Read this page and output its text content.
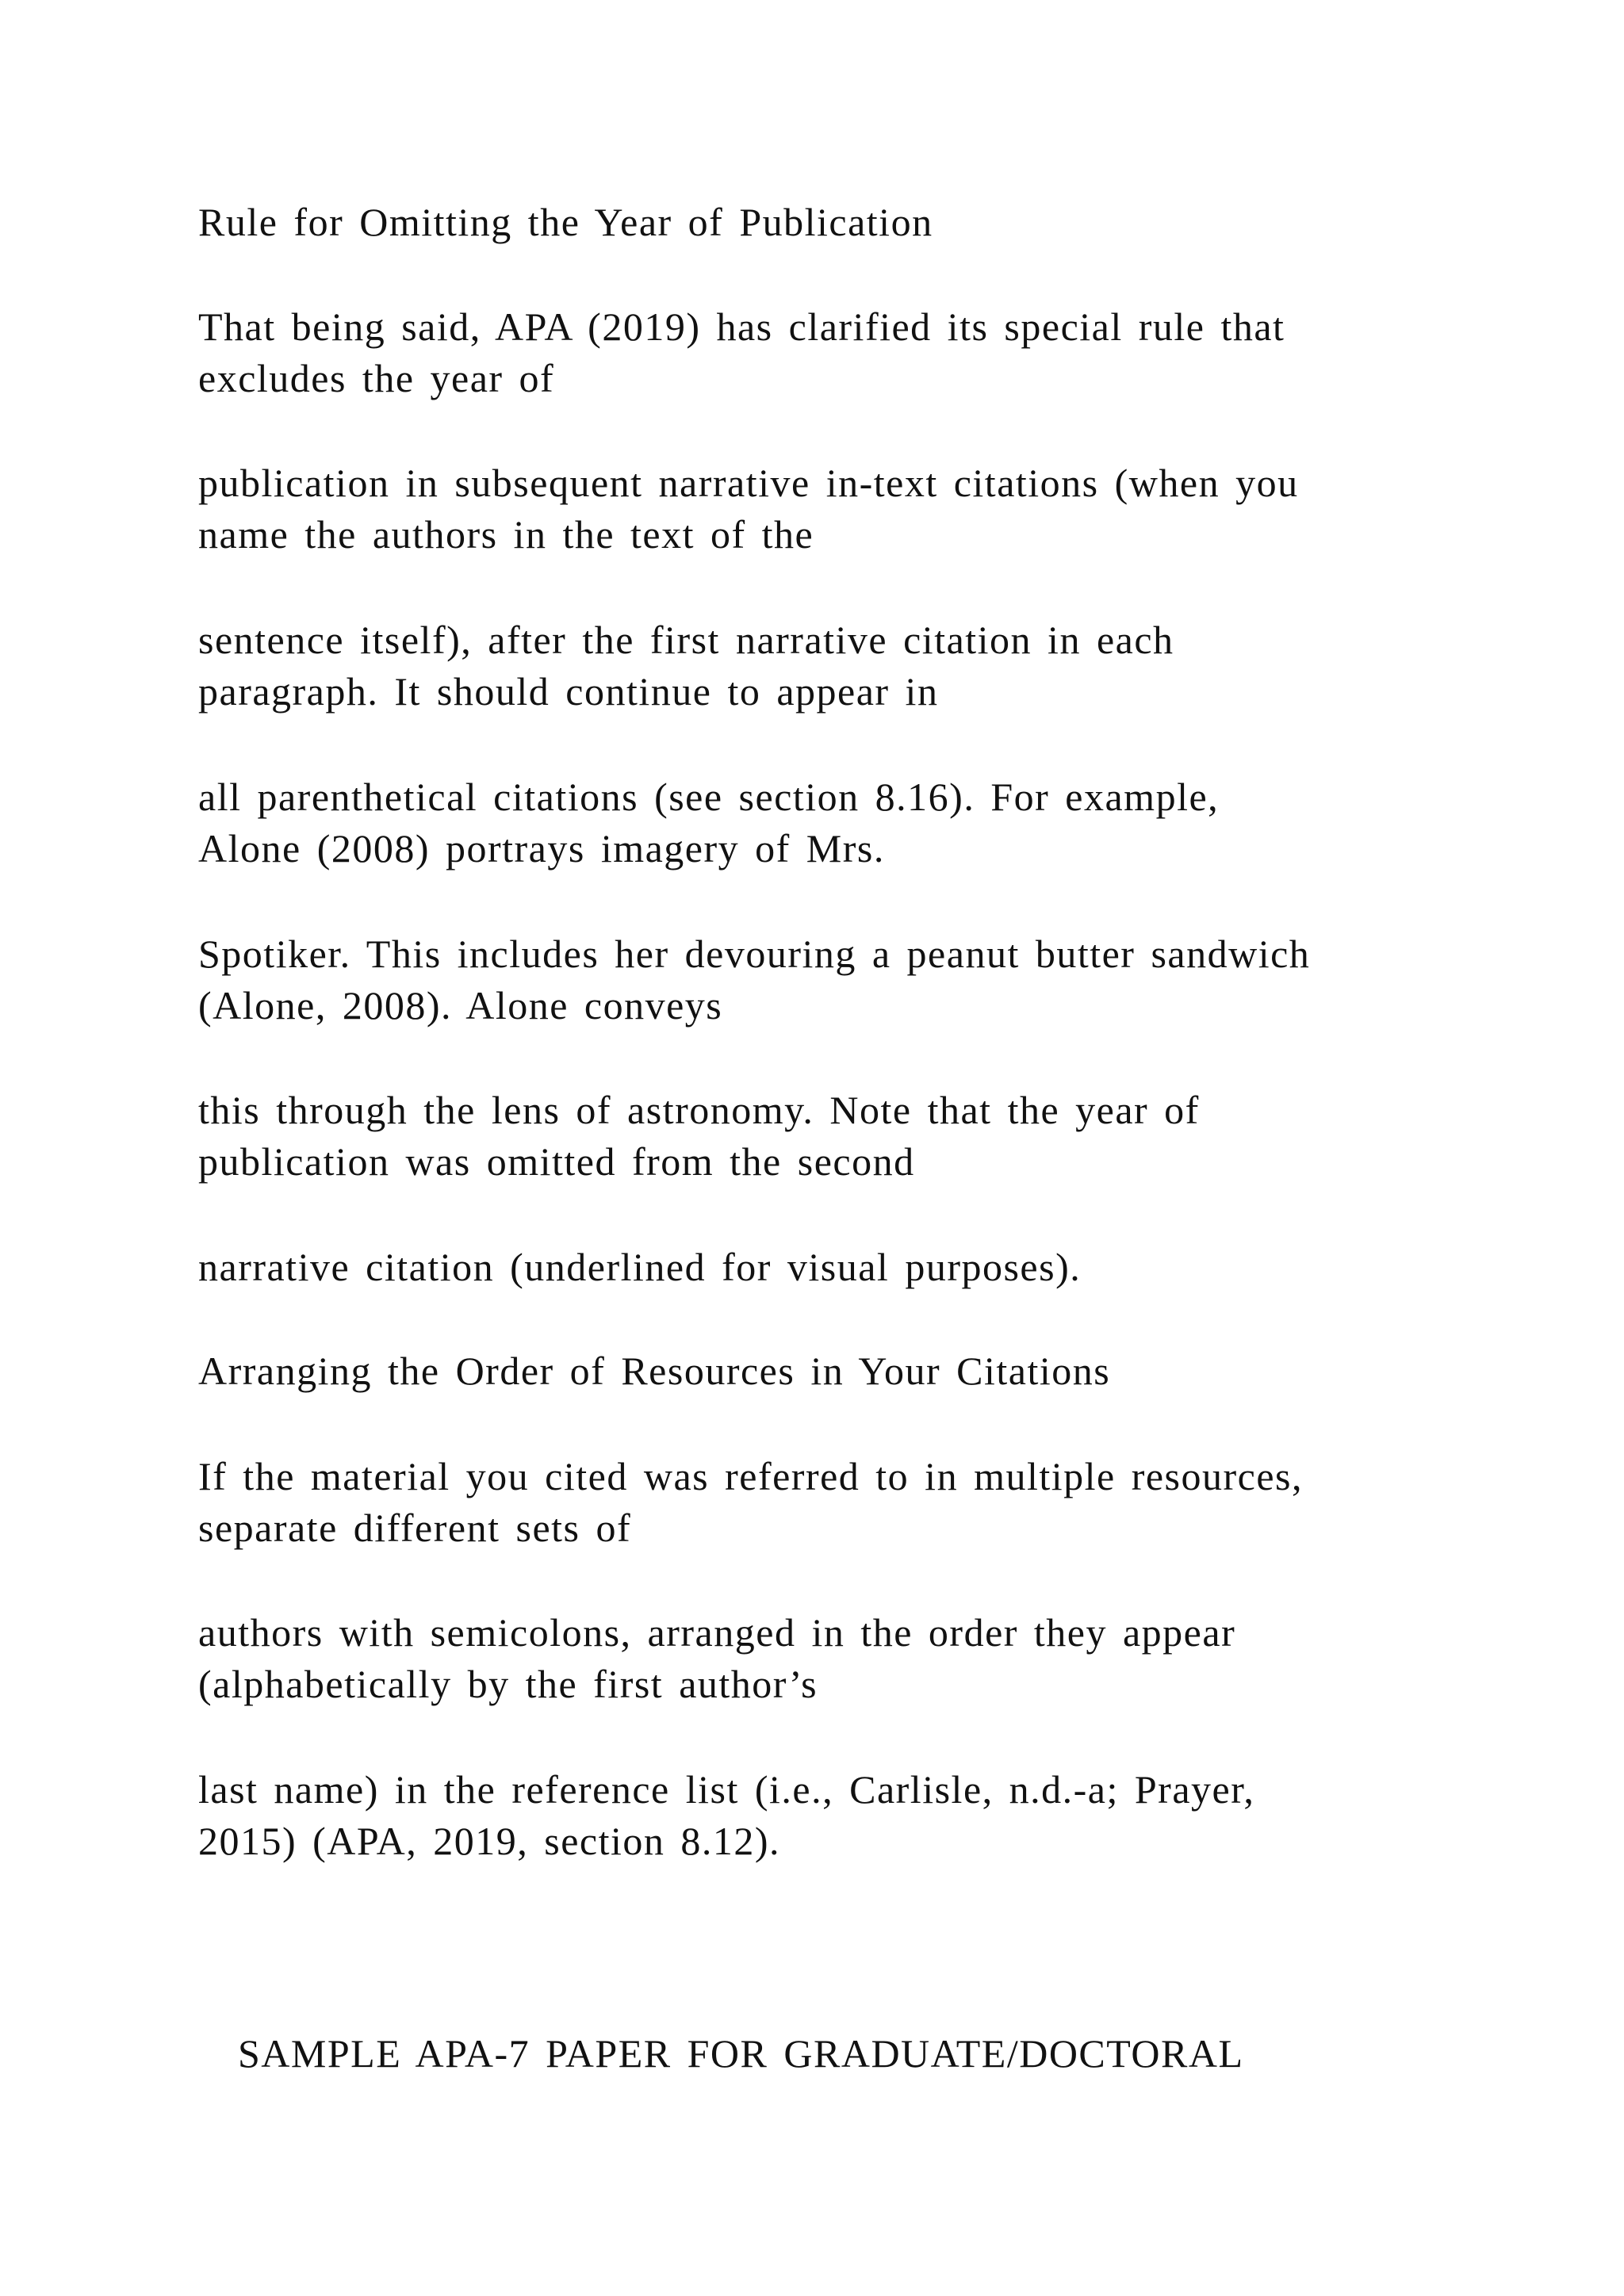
Rule for Omitting the Year of Publication
That being said, APA (2019) has clarified its special rule that
excludes the year of
publication in subsequent narrative in-text citations (when you
name the authors in the text of the
sentence itself), after the first narrative citation in each
paragraph. It should continue to appear in
all parenthetical citations (see section 8.16). For example,
Alone (2008) portrays imagery of Mrs.
Spotiker. This includes her devouring a peanut butter sandwich
(Alone, 2008). Alone conveys
this through the lens of astronomy. Note that the year of
publication was omitted from the second
narrative citation (underlined for visual purposes).
Arranging the Order of Resources in Your Citations
If the material you cited was referred to in multiple resources,
separate different sets of
authors with semicolons, arranged in the order they appear
(alphabetically by the first author’s
last name) in the reference list (i.e., Carlisle, n.d.-a; Prayer,
2015) (APA, 2019, section 8.12).
SAMPLE APA-7 PAPER FOR GRADUATE/DOCTORAL
